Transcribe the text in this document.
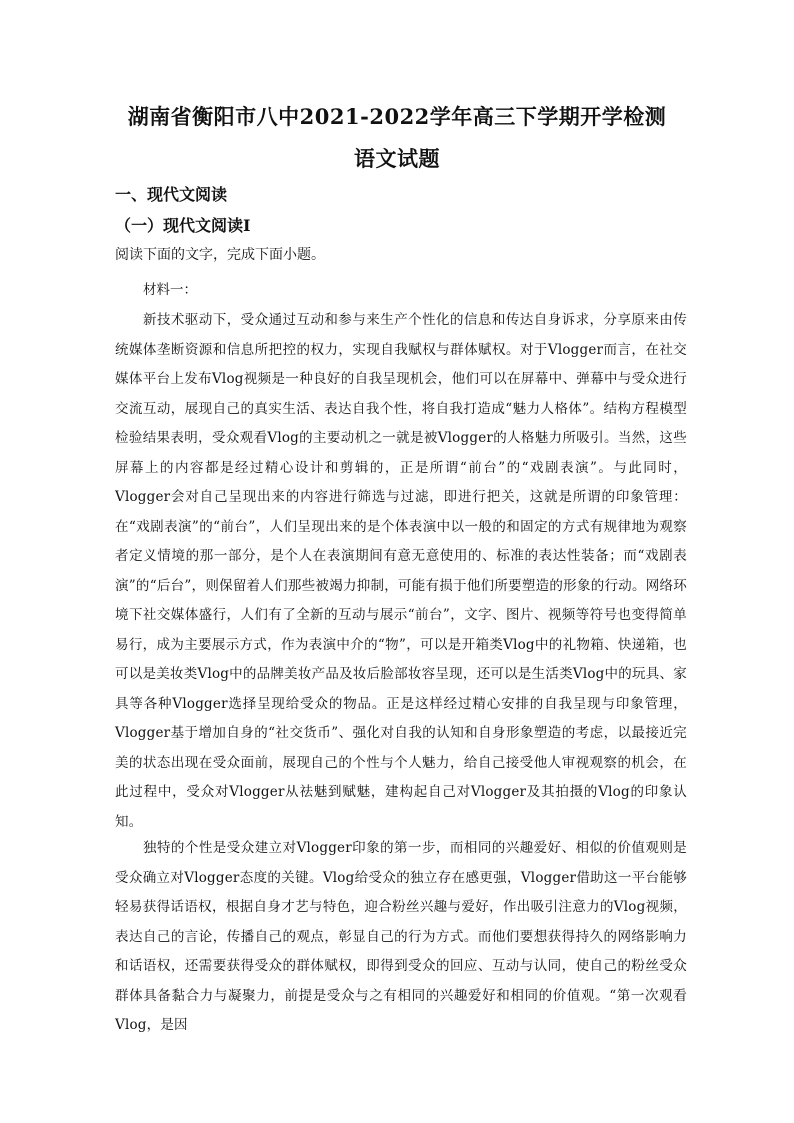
湖南省衡阳市八中2021-2022学年高三下学期开学检测
语文试题
一、现代文阅读
（一）现代文阅读Ⅰ
阅读下面的文字，完成下面小题。
材料一：

新技术驱动下，受众通过互动和参与来生产个性化的信息和传达自身诉求，分享原来由传统媒体垄断资源和信息所把控的权力，实现自我赋权与群体赋权。对于Vlogger而言，在社交媒体平台上发布Vlog视频是一种良好的自我呈现机会，他们可以在屏幕中、弹幕中与受众进行交流互动，展现自己的真实生活、表达自我个性，将自我打造成“魅力人格体”。结构方程模型检验结果表明，受众观看Vlog的主要动机之一就是被Vlogger的人格魅力所吸引。当然，这些屏幕上的内容都是经过精心设计和剪辑的，正是所谓“前台”的“戏剧表演”。与此同时，Vlogger会对自己呈现出来的内容进行筛选与过滤，即进行把关，这就是所谓的印象管理：在“戏剧表演”的“前台”，人们呈现出来的是个体表演中以一般的和固定的方式有规律地为观察者定义情境的那一部分，是个人在表演期间有意无意使用的、标准的表达性装备；而“戏剧表演”的“后台”，则保留着人们那些被竭力抑制，可能有损于他们所要塑造的形象的行动。网络环境下社交媒体盛行，人们有了全新的互动与展示“前台”，文字、图片、视频等符号也变得简单易行，成为主要展示方式，作为表演中介的“物”，可以是开箱类Vlog中的礼物箱、快递箱，也可以是美妆类Vlog中的品牌美妆产品及妆后脸部妆容呈现，还可以是生活类Vlog中的玩具、家具等各种Vlogger选择呈现给受众的物品。正是这样经过精心安排的自我呈现与印象管理，Vlogger基于增加自身的“社交货币”、强化对自我的认知和自身形象塑造的考虑，以最接近完美的状态出现在受众面前，展现自己的个性与个人魅力，给自己接受他人审视观察的机会，在此过程中，受众对Vlogger从祛魅到赋魅，建构起自己对Vlogger及其拍摄的Vlog的印象认知。

独特的个性是受众建立对Vlogger印象的第一步，而相同的兴趣爱好、相似的价值观则是受众确立对Vlogger态度的关键。Vlog给受众的独立存在感更强，Vlogger借助这一平台能够轻易获得话语权，根据自身才艺与特色，迎合粉丝兴趣与爱好，作出吸引注意力的Vlog视频，表达自己的言论，传播自己的观点，彰显自己的行为方式。而他们要想获得持久的网络影响力和话语权，还需要获得受众的群体赋权，即得到受众的回应、互动与认同，使自己的粉丝受众群体具备黏合力与凝聚力，前提是受众与之有相同的兴趣爱好和相同的价值观。“第一次观看Vlog，是因
